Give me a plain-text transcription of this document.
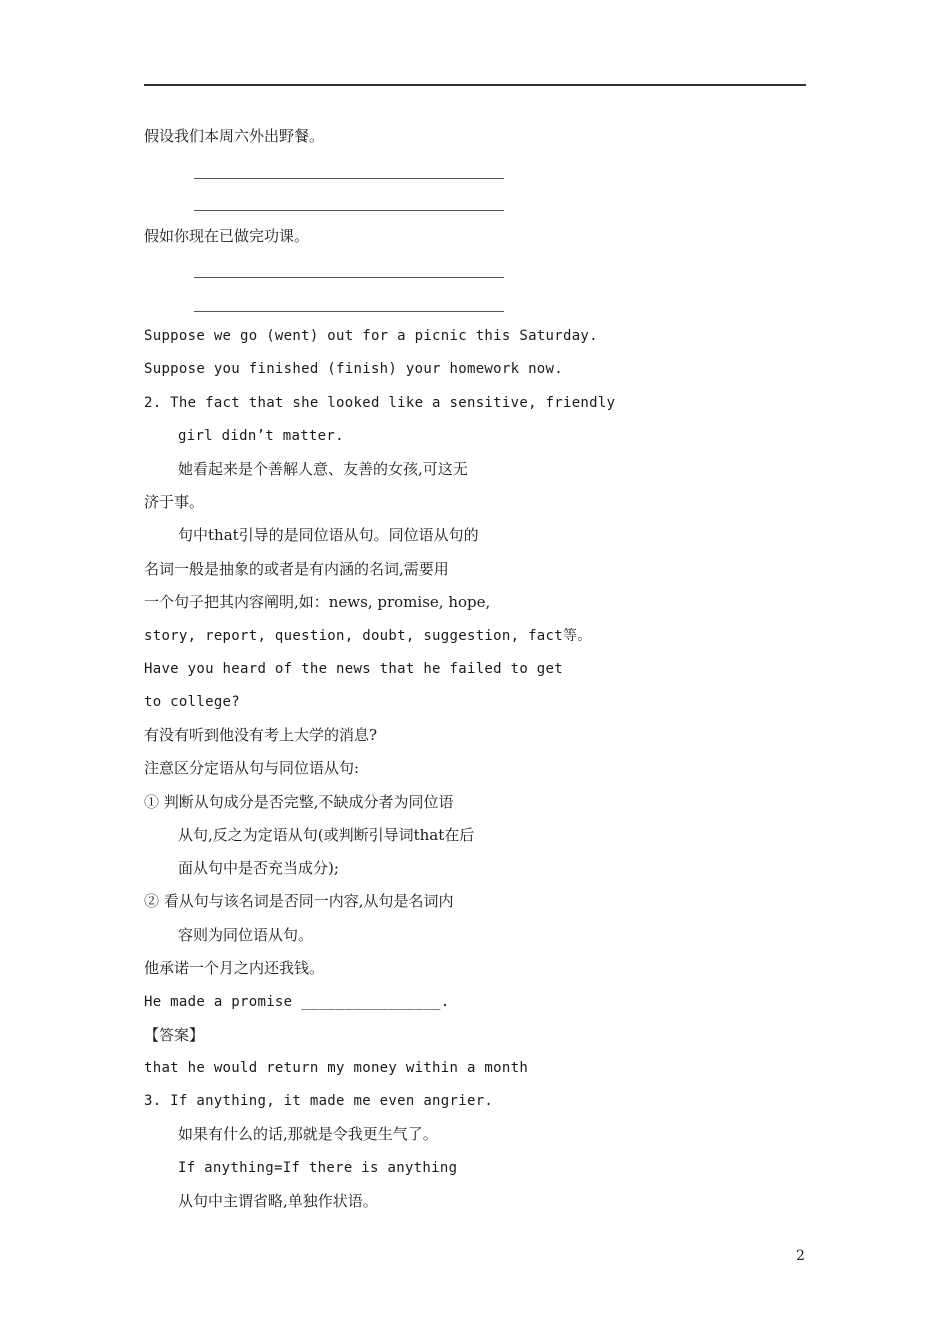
假设我们本周六外出野餐。
假如你现在已做完功课。
Suppose we go (went) out for a picnic this Saturday.
Suppose you finished (finish) your homework now.
2. The fact that she looked like a sensitive, friendly
girl didn’t matter.
她看起来是个善解人意、友善的女孩,可这无
济于事。
句中that引导的是同位语从句。同位语从句的
名词一般是抽象的或者是有内涵的名词,需要用
一个句子把其内容阐明,如：news, promise, hope,
story, report, question, doubt, suggestion, fact等。
Have you heard of the news that he failed to get
to college?
有没有听到他没有考上大学的消息?
注意区分定语从句与同位语从句:
① 判断从句成分是否完整,不缺成分者为同位语
从句,反之为定语从句(或判断引导词that在后
面从句中是否充当成分);
② 看从句与该名词是否同一内容,从句是名词内
容则为同位语从句。
他承诺一个月之内还我钱。
He made a promise ________________.
【答案】
that he would return my money within a month
3. If anything, it made me even angrier.
如果有什么的话,那就是令我更生气了。
If anything=If there is anything
从句中主谓省略,单独作状语。
2
